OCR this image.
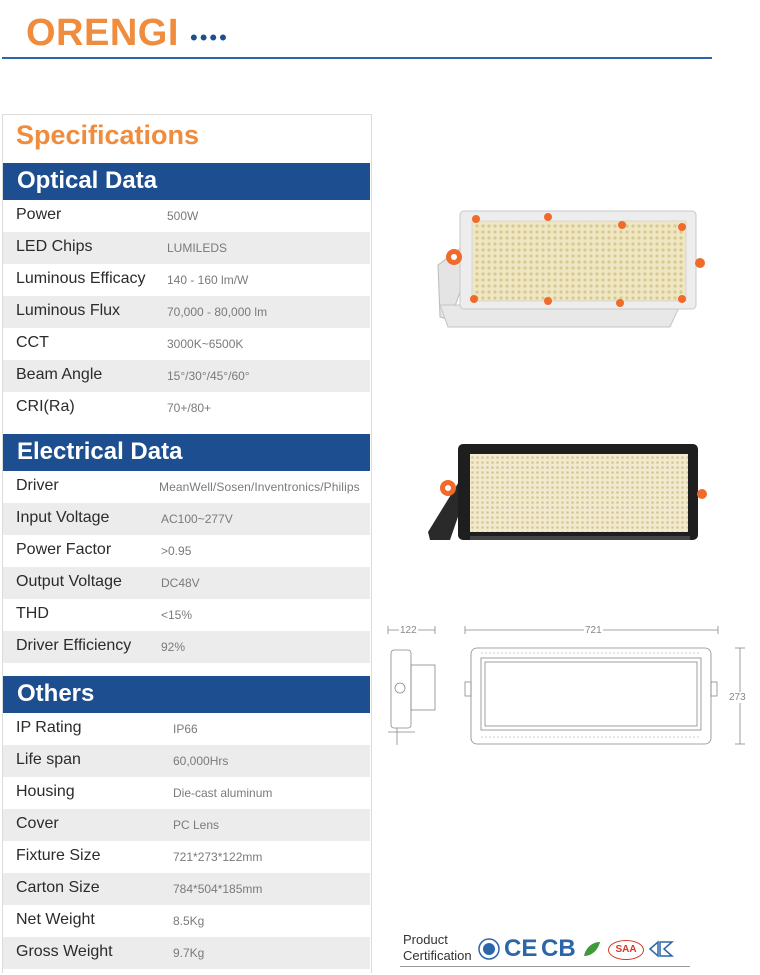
ORENGI ••••
Specifications
Optical Data
Power	500W
LED Chips	LUMILEDS
Luminous Efficacy 140 - 160 lm/W
Luminous Flux	70,000 - 80,000 lm
CCT	3000K~6500K
Beam Angle	15°/30°/45°/60°
CRI(Ra)	70+/80+
Electrical Data
Driver	MeanWell/Sosen/Inventronics/Philips
Input Voltage	AC100~277V
Power Factor	>0.95
Output Voltage	DC48V
THD	<15%
Driver Efficiency 92%
Others
IP Rating	IP66
Life span	60,000Hrs
Housing	Die-cast aluminum
Cover	PC Lens
Fixture Size	721*273*122mm
Carton Size	784*504*185mm
Net Weight	8.5Kg
Gross Weight	9.7Kg
122	721
273
Product
Certification CE CB	SAA
